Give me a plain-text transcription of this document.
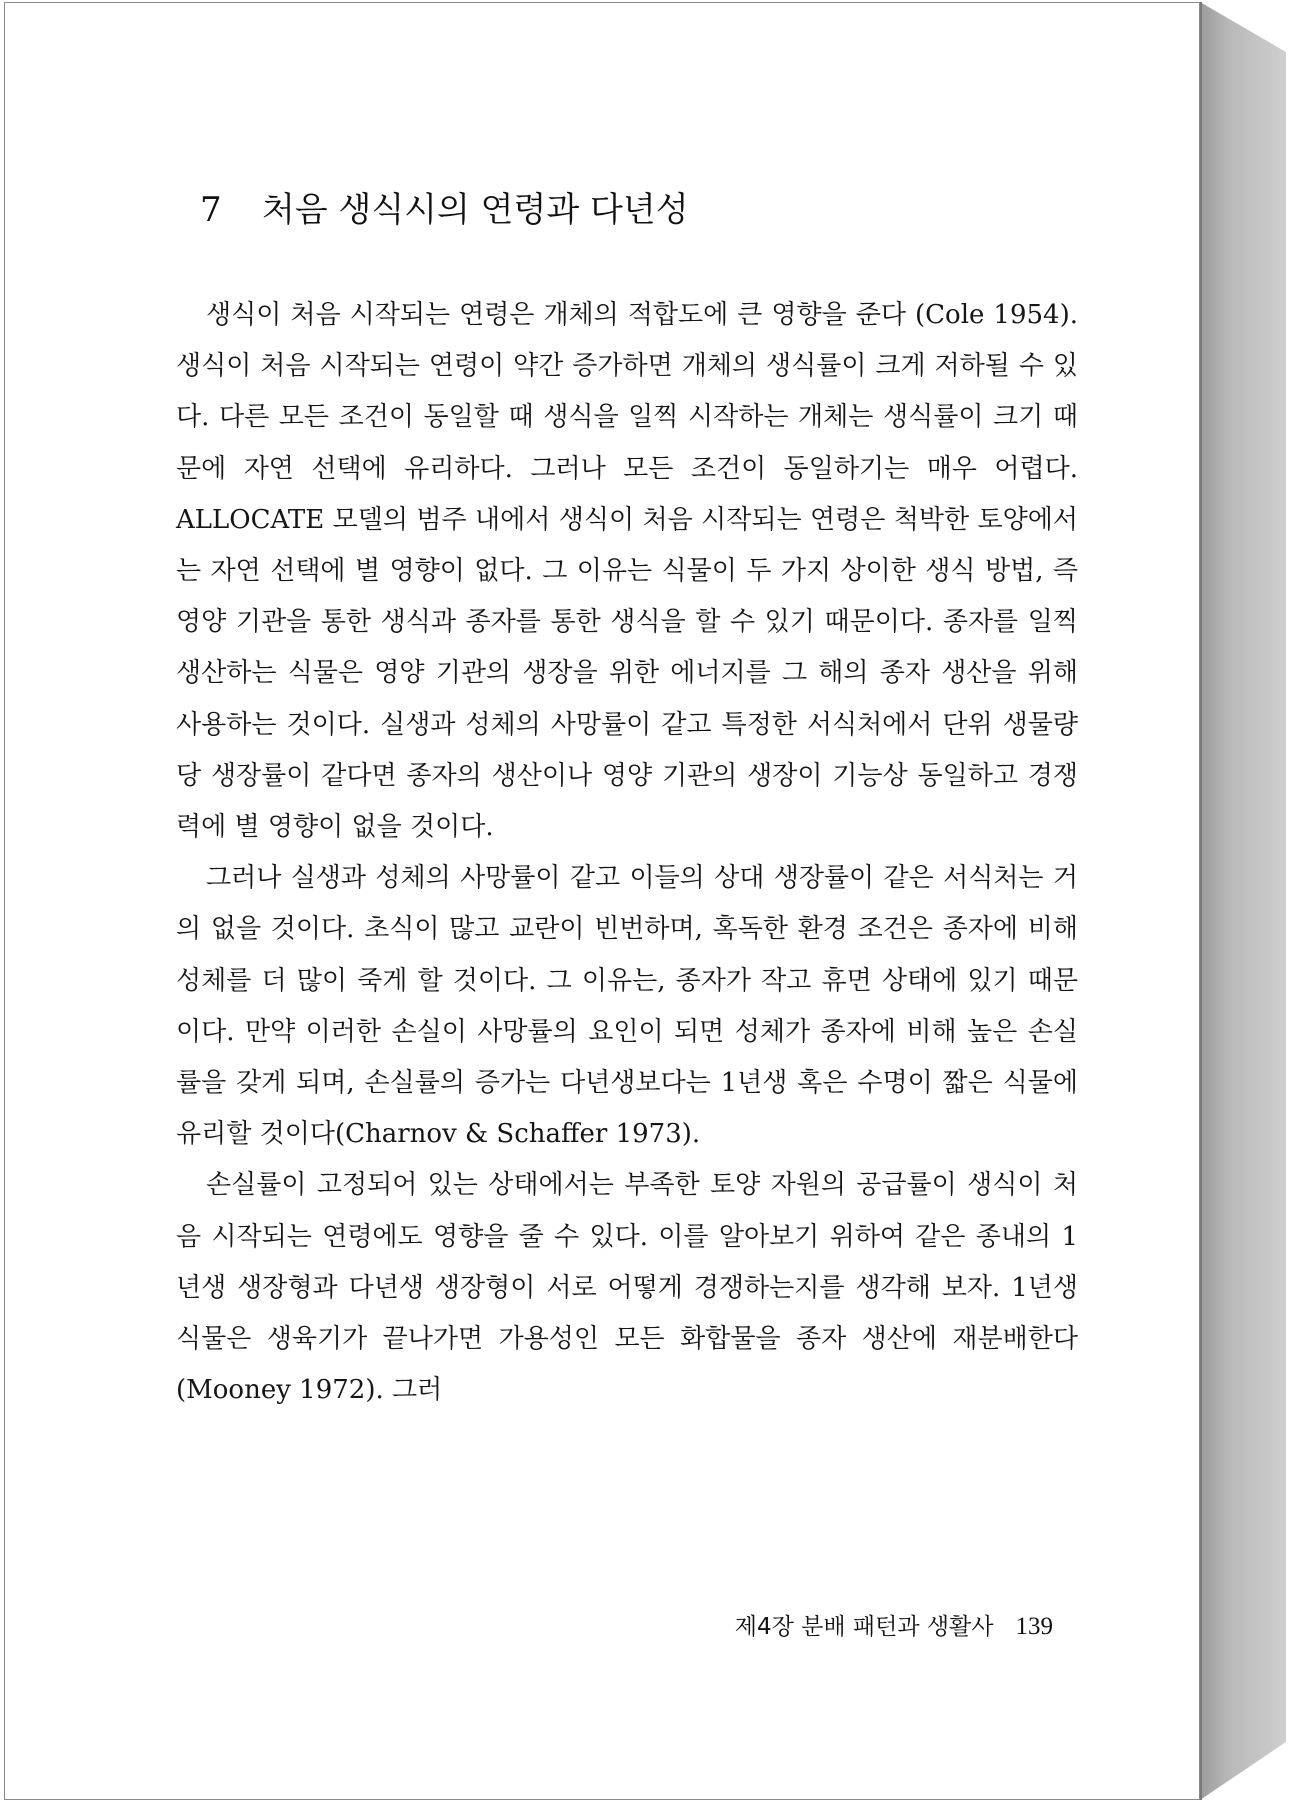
7 처음 생식시의 연령과 다년성

생식이 처음 시작되는 연령은 개체의 적합도에 큰 영향을 준다 (Cole 1954). 생식이 처음 시작되는 연령이 약간 증가하면 개체의 생식률이 크게 저하될 수 있다. 다른 모든 조건이 동일할 때 생식을 일찍 시작하는 개체는 생식률이 크기 때문에 자연 선택에 유리하다. 그러나 모든 조건이 동일하기는 매우 어렵다. ALLOCATE 모델의 범주 내에서 생식이 처음 시작되는 연령은 척박한 토양에서는 자연 선택에 별 영향이 없다. 그 이유는 식물이 두 가지 상이한 생식 방법, 즉 영양 기관을 통한 생식과 종자를 통한 생식을 할 수 있기 때문이다. 종자를 일찍 생산하는 식물은 영양 기관의 생장을 위한 에너지를 그 해의 종자 생산을 위해 사용하는 것이다. 실생과 성체의 사망률이 같고 특정한 서식처에서 단위 생물량당 생장률이 같다면 종자의 생산이나 영양 기관의 생장이 기능상 동일하고 경쟁력에 별 영향이 없을 것이다.

그러나 실생과 성체의 사망률이 같고 이들의 상대 생장률이 같은 서식처는 거의 없을 것이다. 초식이 많고 교란이 빈번하며, 혹독한 환경 조건은 종자에 비해 성체를 더 많이 죽게 할 것이다. 그 이유는, 종자가 작고 휴면 상태에 있기 때문이다. 만약 이러한 손실이 사망률의 요인이 되면 성체가 종자에 비해 높은 손실률을 갖게 되며, 손실률의 증가는 다년생보다는 1년생 혹은 수명이 짧은 식물에 유리할 것이다(Charnov & Schaffer 1973).

손실률이 고정되어 있는 상태에서는 부족한 토양 자원의 공급률이 생식이 처음 시작되는 연령에도 영향을 줄 수 있다. 이를 알아보기 위하여 같은 종내의 1년생 생장형과 다년생 생장형이 서로 어떻게 경쟁하는지를 생각해 보자. 1년생 식물은 생육기가 끝나가면 가용성인 모든 화합물을 종자 생산에 재분배한다(Mooney 1972). 그러

제4장 분배 패턴과 생활사 139
